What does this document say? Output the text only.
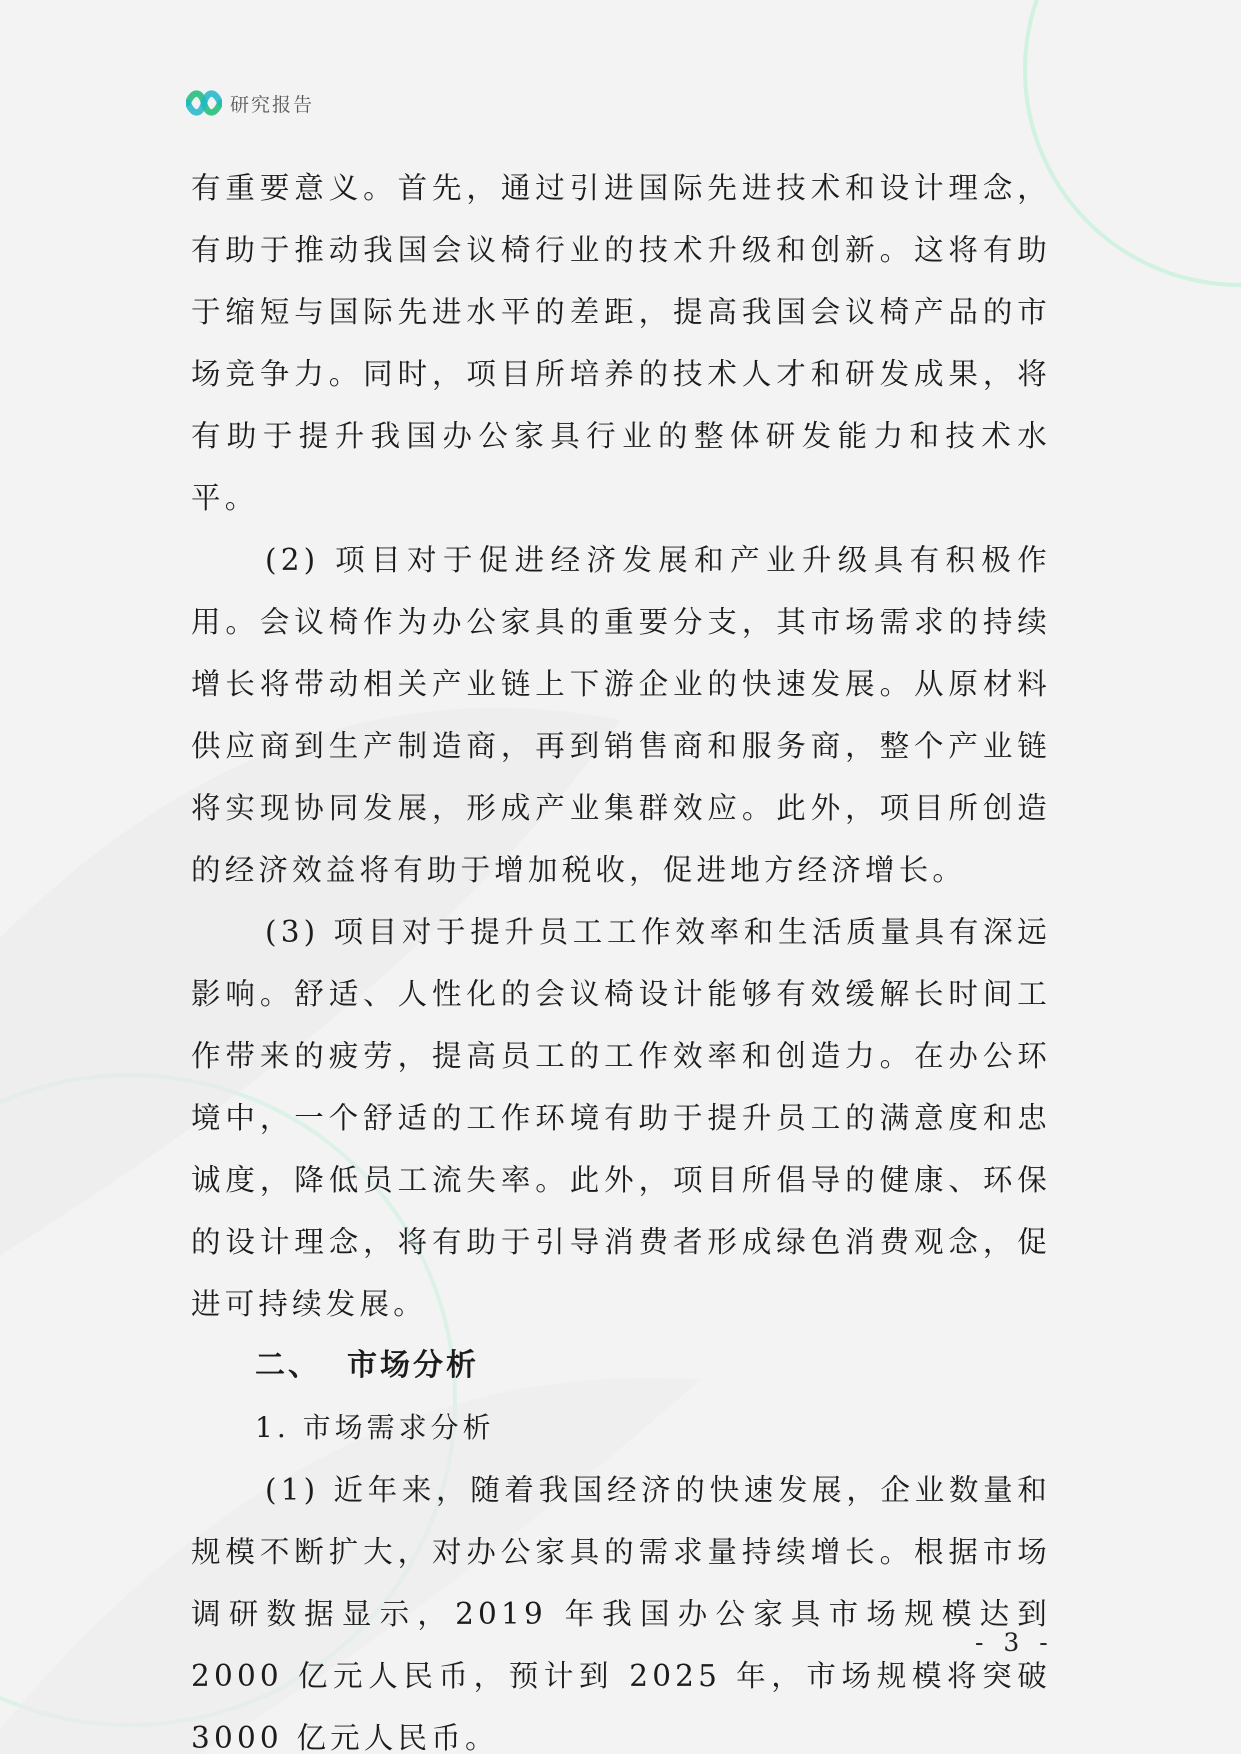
研究报告

有重要意义。首先，通过引进国际先进技术和设计理念，有助于推动我国会议椅行业的技术升级和创新。这将有助于缩短与国际先进水平的差距，提高我国会议椅产品的市场竞争力。同时，项目所培养的技术人才和研发成果，将有助于提升我国办公家具行业的整体研发能力和技术水平。

(2) 项目对于促进经济发展和产业升级具有积极作用。会议椅作为办公家具的重要分支，其市场需求的持续增长将带动相关产业链上下游企业的快速发展。从原材料供应商到生产制造商，再到销售商和服务商，整个产业链将实现协同发展，形成产业集群效应。此外，项目所创造的经济效益将有助于增加税收，促进地方经济增长。

(3) 项目对于提升员工工作效率和生活质量具有深远影响。舒适、人性化的会议椅设计能够有效缓解长时间工作带来的疲劳，提高员工的工作效率和创造力。在办公环境中，一个舒适的工作环境有助于提升员工的满意度和忠诚度，降低员工流失率。此外，项目所倡导的健康、环保的设计理念，将有助于引导消费者形成绿色消费观念，促进可持续发展。

二、 市场分析

1. 市场需求分析

(1) 近年来，随着我国经济的快速发展，企业数量和规模不断扩大，对办公家具的需求量持续增长。根据市场调研数据显示，2019 年我国办公家具市场规模达到 2000 亿元人民币，预计到 2025 年，市场规模将突破 3000 亿元人民币。

- 3 -
